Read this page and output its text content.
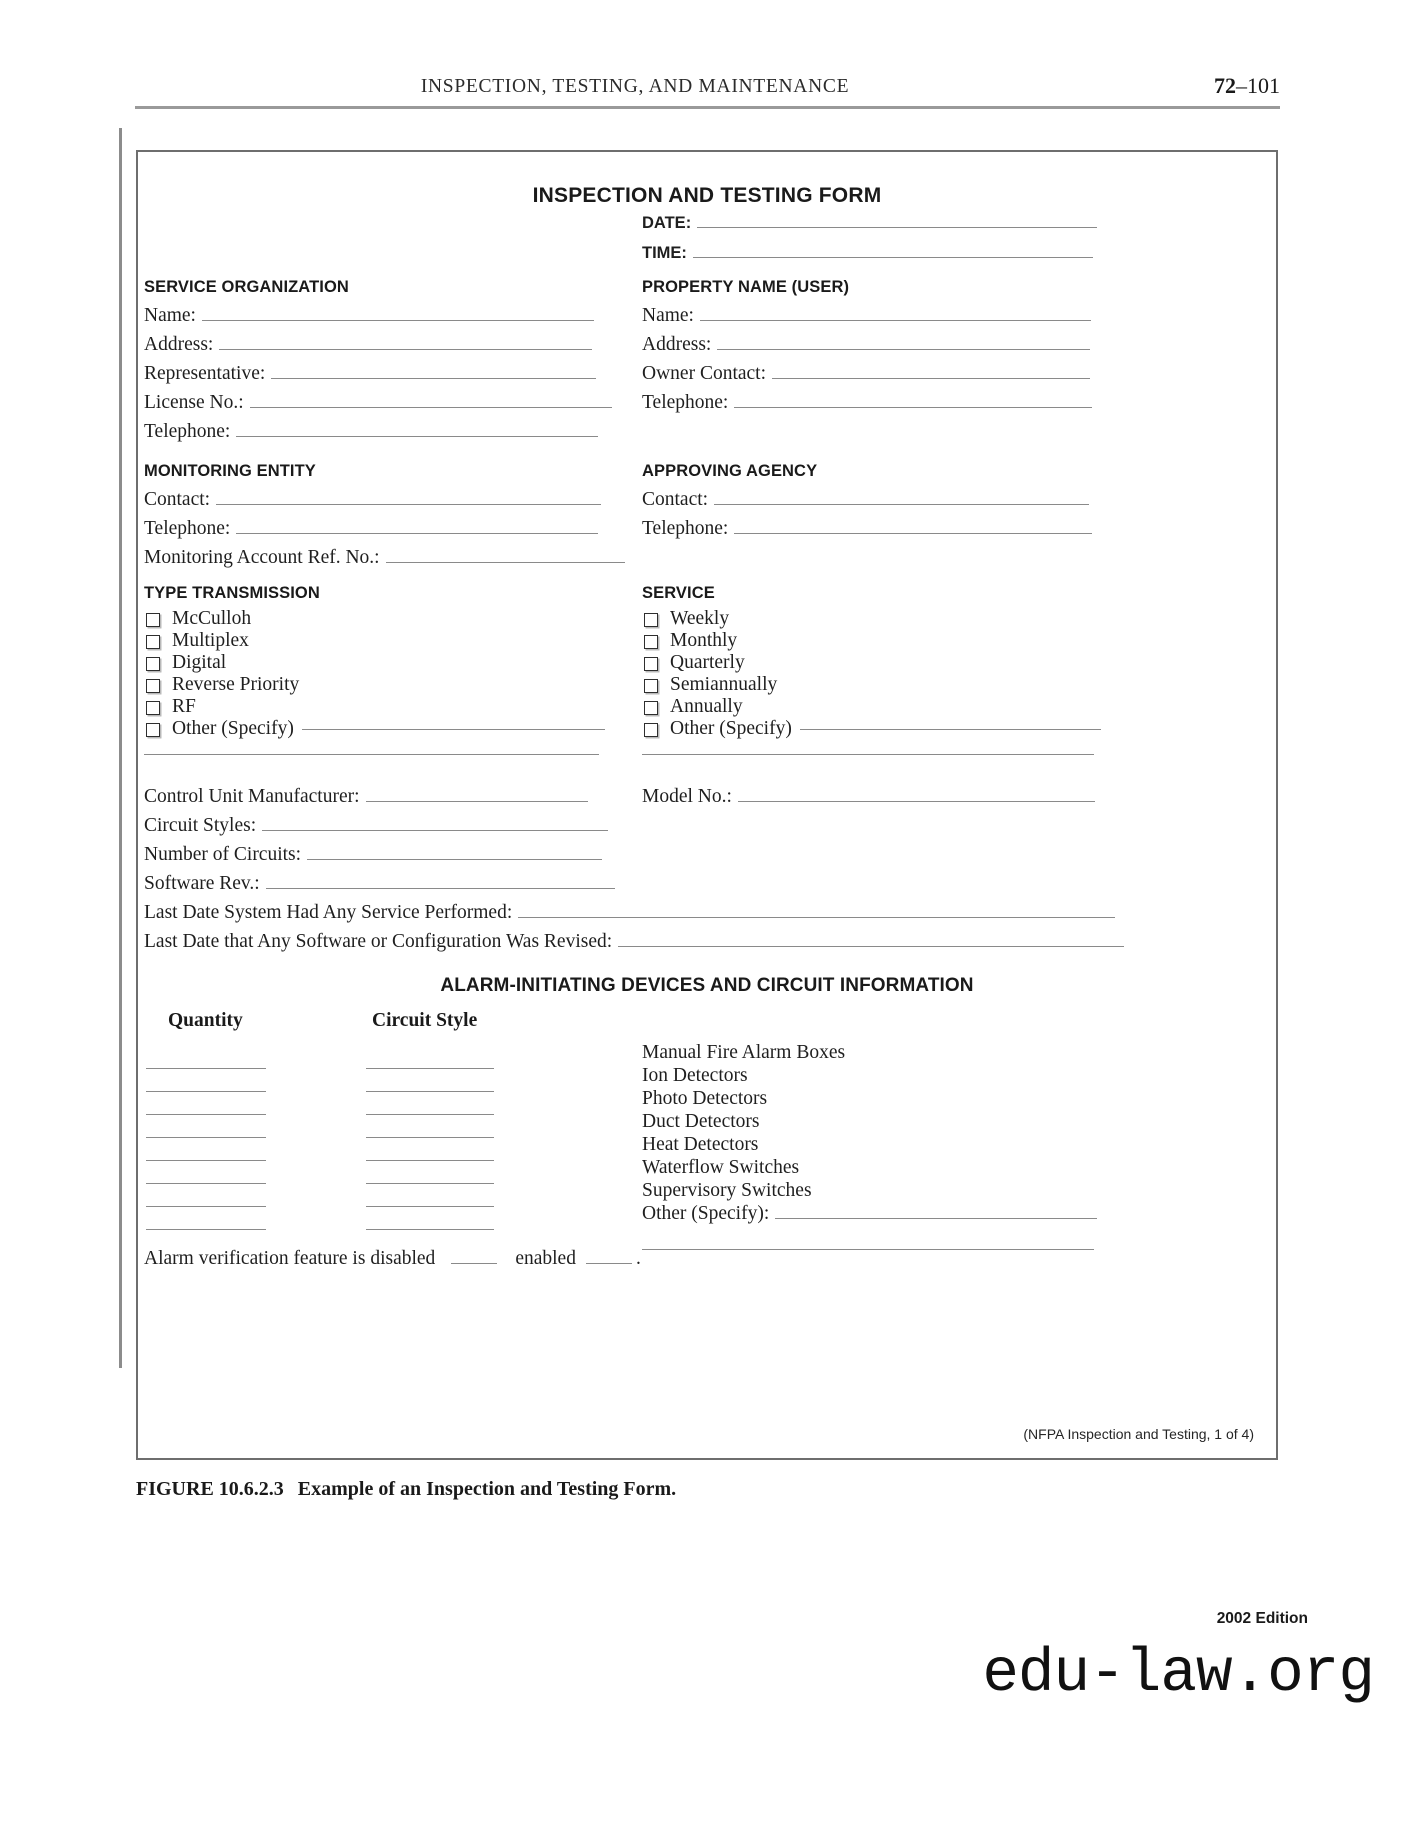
INSPECTION, TESTING, AND MAINTENANCE	72–101
INSPECTION AND TESTING FORM
DATE:
TIME:
SERVICE ORGANIZATION
Name:
Address:
Representative:
License No.:
Telephone:
PROPERTY NAME (USER)
Name:
Address:
Owner Contact:
Telephone:
MONITORING ENTITY
Contact:
Telephone:
Monitoring Account Ref. No.:
APPROVING AGENCY
Contact:
Telephone:
TYPE TRANSMISSION
McCulloh
Multiplex
Digital
Reverse Priority
RF
Other (Specify)
SERVICE
Weekly
Monthly
Quarterly
Semiannually
Annually
Other (Specify)
Control Unit Manufacturer:
Circuit Styles:
Number of Circuits:
Software Rev.:
Model No.:
Last Date System Had Any Service Performed:
Last Date that Any Software or Configuration Was Revised:
ALARM-INITIATING DEVICES AND CIRCUIT INFORMATION
Quantity	Circuit Style
Manual Fire Alarm Boxes
Ion Detectors
Photo Detectors
Duct Detectors
Heat Detectors
Waterflow Switches
Supervisory Switches
Other (Specify):
Alarm verification feature is disabled	enabled	.
(NFPA Inspection and Testing, 1 of 4)
FIGURE 10.6.2.3 Example of an Inspection and Testing Form.
2002 Edition
edu-law.org
